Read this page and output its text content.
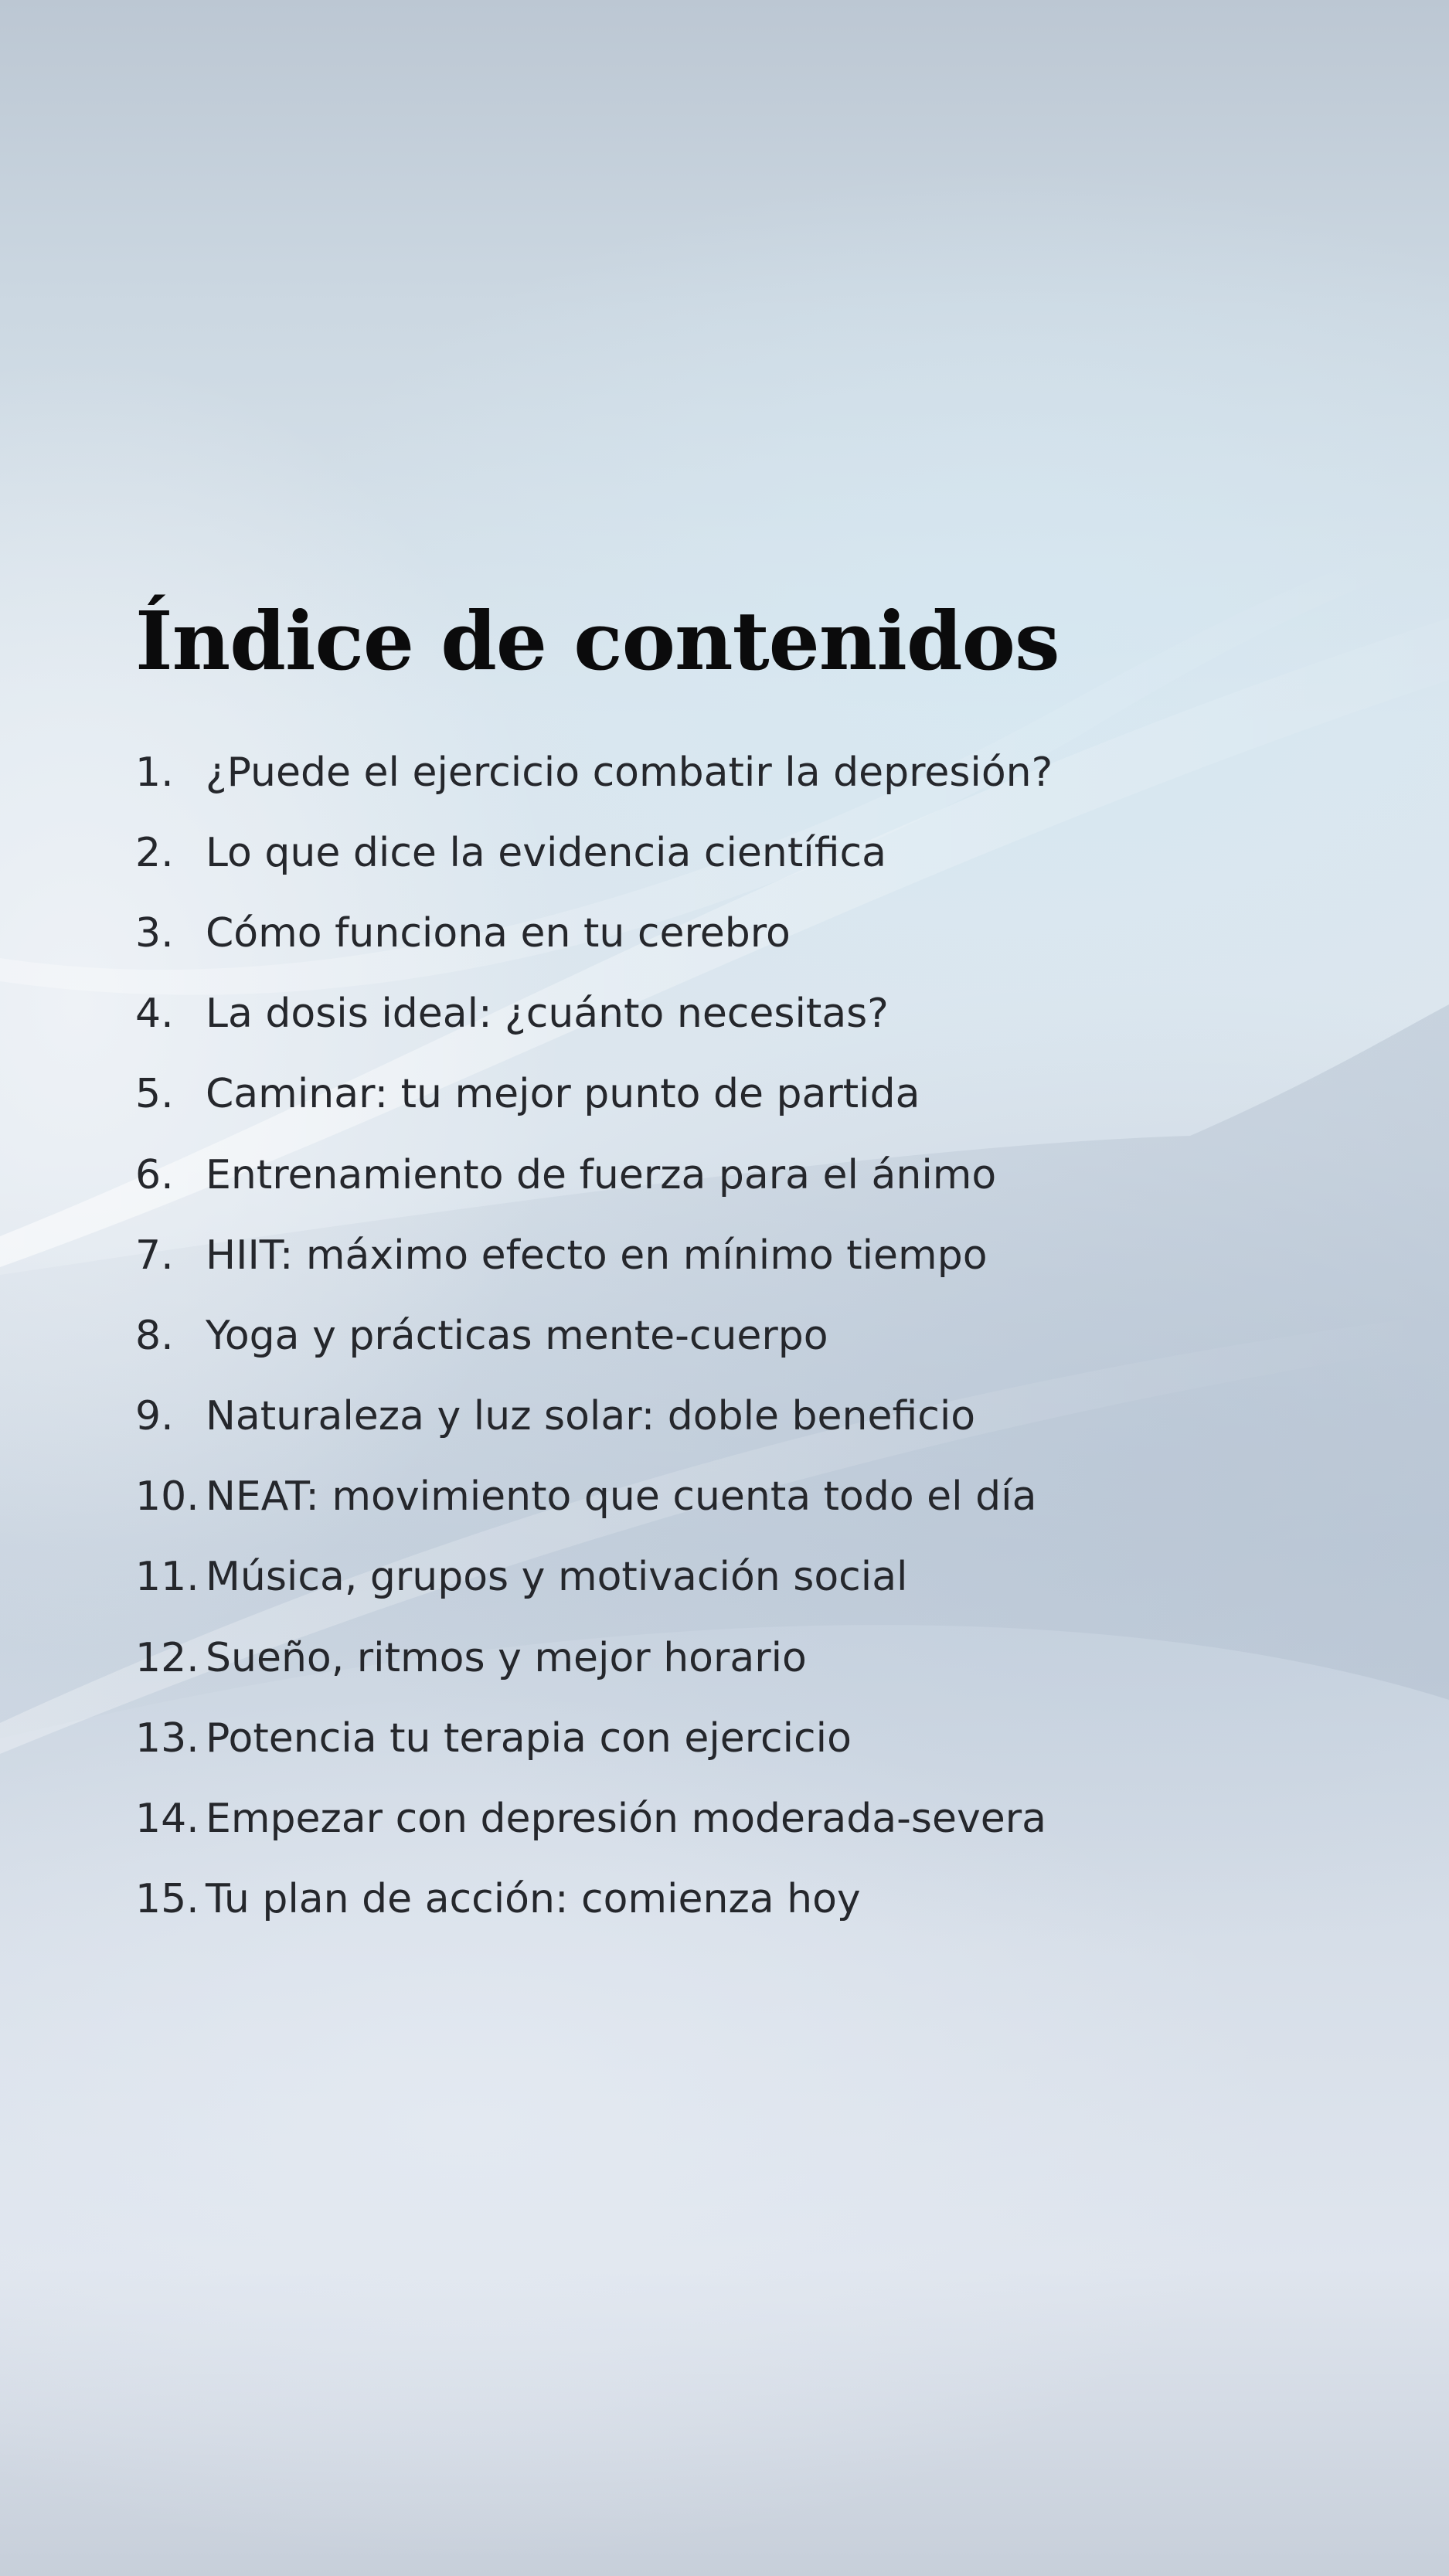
Índice de contenidos
1. ¿Puede el ejercicio combatir la depresión?
2. Lo que dice la evidencia científica
3. Cómo funciona en tu cerebro
4. La dosis ideal: ¿cuánto necesitas?
5. Caminar: tu mejor punto de partida
6. Entrenamiento de fuerza para el ánimo
7. HIIT: máximo efecto en mínimo tiempo
8. Yoga y prácticas mente-cuerpo
9. Naturaleza y luz solar: doble beneficio
10. NEAT: movimiento que cuenta todo el día
11. Música, grupos y motivación social
12. Sueño, ritmos y mejor horario
13. Potencia tu terapia con ejercicio
14. Empezar con depresión moderada-severa
15. Tu plan de acción: comienza hoy
